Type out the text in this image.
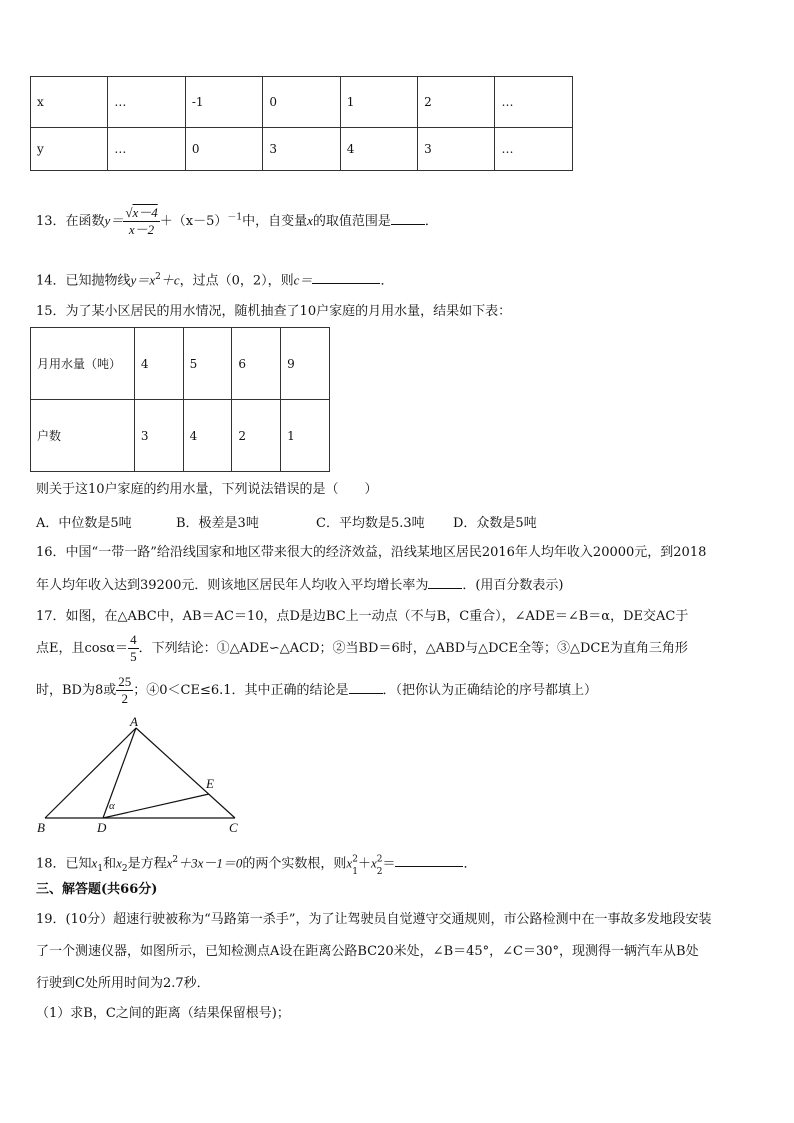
x	…	-1	0	1	2	…
y	…	0	3	4	3	…
13．在函数$y= \frac{√x-4}{x-2} +(x-5)^{-1}$中，自变量x的取值范围是	．
14．已知抛物线$y=x^2+c$，过点（0，2），则c＝	．
15．为了某小区居民的用水情况，随机抽查了10户家庭的月用水量，结果如下表：
月用水量（吨）	4	5	6	9
户数	3	4	2	1
则关于这10户家庭的约用水量，下列说法错误的是（　　）
A．中位数是5吨	B．极差是3吨	C．平均数是5.3吨 D．众数是5吨
16．中国“一带一路”给沿线国家和地区带来很大的经济效益，沿线某地区居民2016年人均年收入20000元，到2018
年人均年收入达到39200元．则该地区居民年人均收入平均增长率为	．(用百分数表示)
17．如图，在△ABC中，AB＝AC＝10，点D是边BC上一动点（不与B，C重合），∠ADE＝∠B＝α，DE交AC于
点E，且$\cos\alpha= \frac{4}{5}$ ．下列结论：①△ADE∽△ACD；②当BD＝6时，△ABD与△DCE全等；③△DCE为直角三角形
时，BD为8或 $\frac{25}{2}$ ；④0＜CE≤6.1．其中正确的结论是	．（把你认为正确结论的序号都填上）
A
B	C
D
E
α
18．已知$x_1$和$x_2$是方程$x^2+3x-1=0$的两个实数根，则$x^2$
1
$+x^2$
2
＝	．
三、解答题(共66分)
19．(10分）超速行驶被称为“马路第一杀手”，为了让驾驶员自觉遵守交通规则，市公路检测中在一事故多发地段安装
了一个测速仪器，如图所示，已知检测点A设在距离公路BC20米处，∠B＝45°，∠C＝30°，现测得一辆汽车从B处
行驶到C处所用时间为2.7秒．
（1）求B，C之间的距离（结果保留根号)；
